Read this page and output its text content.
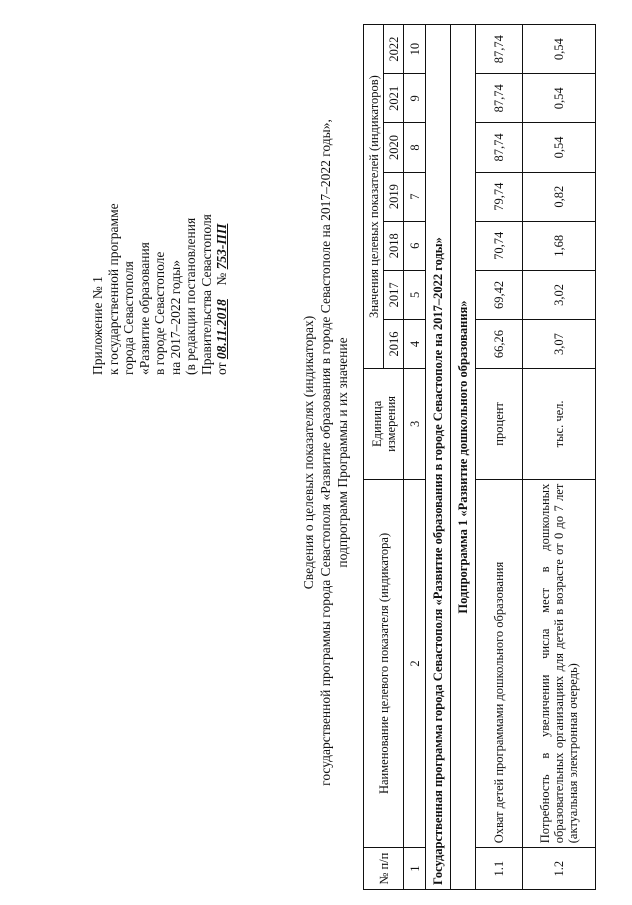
Приложение № 1 к государственной программе города Севастополя «Развитие образования в городе Севастополе на 2017–2022 годы» (в редакции постановления Правительства Севастополя от 08.11.2018    № 753-ПП
Сведения о целевых показателях (индикаторах) государственной программы города Севастополя «Развитие образования в городе Севастополе на 2017–2022 годы», подпрограмм Программы и их значение
№ п/п	Наименование целевого показателя (индикатора)	Единица измерения	Значения целевых показателей (индикаторов)						
			2016	2017	2018	2019	2020	2021	2022
1	2	3	4	5	6	7	8	9	10
Государственная программа города Севастополя «Развитие образования в городе Севастополе на 2017–2022 годы»									
Подпрограмма 1 «Развитие дошкольного образования»									
1.1	Охват детей программами дошкольного образования	процент	66,26	69,42	70,74	79,74	87,74	87,74	87,74
1.2	Потребность в увеличении числа мест в дошкольных образовательных организациях для детей в возрасте от 0 до 7 лет (актуальная электронная очередь)	тыс. чел.	3,07	3,02	1,68	0,82	0,54	0,54	0,54
